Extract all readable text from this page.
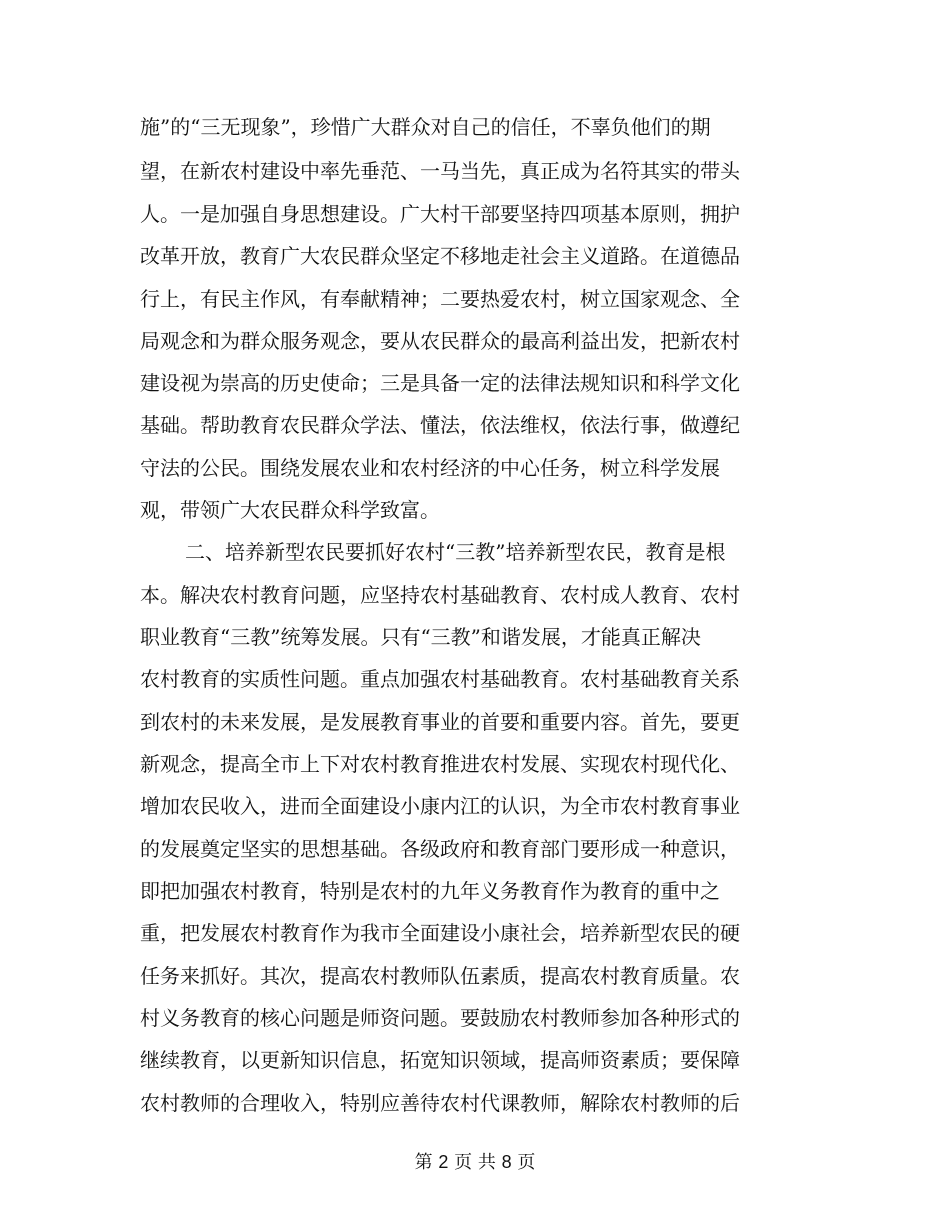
施”的“三无现象”，珍惜广大群众对自己的信任，不辜负他们的期
望，在新农村建设中率先垂范、一马当先，真正成为名符其实的带头
人。一是加强自身思想建设。广大村干部要坚持四项基本原则，拥护
改革开放，教育广大农民群众坚定不移地走社会主义道路。在道德品
行上，有民主作风，有奉献精神；二要热爱农村，树立国家观念、全
局观念和为群众服务观念，要从农民群众的最高利益出发，把新农村
建设视为崇高的历史使命；三是具备一定的法律法规知识和科学文化
基础。帮助教育农民群众学法、懂法，依法维权，依法行事，做遵纪
守法的公民。围绕发展农业和农村经济的中心任务，树立科学发展
观，带领广大农民群众科学致富。
二、培养新型农民要抓好农村“三教”培养新型农民，教育是根
本。解决农村教育问题，应坚持农村基础教育、农村成人教育、农村
职业教育“三教”统筹发展。只有“三教”和谐发展，才能真正解决
农村教育的实质性问题。重点加强农村基础教育。农村基础教育关系
到农村的未来发展，是发展教育事业的首要和重要内容。首先，要更
新观念，提高全市上下对农村教育推进农村发展、实现农村现代化、
增加农民收入，进而全面建设小康内江的认识，为全市农村教育事业
的发展奠定坚实的思想基础。各级政府和教育部门要形成一种意识，
即把加强农村教育，特别是农村的九年义务教育作为教育的重中之
重，把发展农村教育作为我市全面建设小康社会，培养新型农民的硬
任务来抓好。其次，提高农村教师队伍素质，提高农村教育质量。农
村义务教育的核心问题是师资问题。要鼓励农村教师参加各种形式的
继续教育，以更新知识信息，拓宽知识领域，提高师资素质；要保障
农村教师的合理收入，特别应善待农村代课教师，解除农村教师的后
第 2 页 共 8 页
